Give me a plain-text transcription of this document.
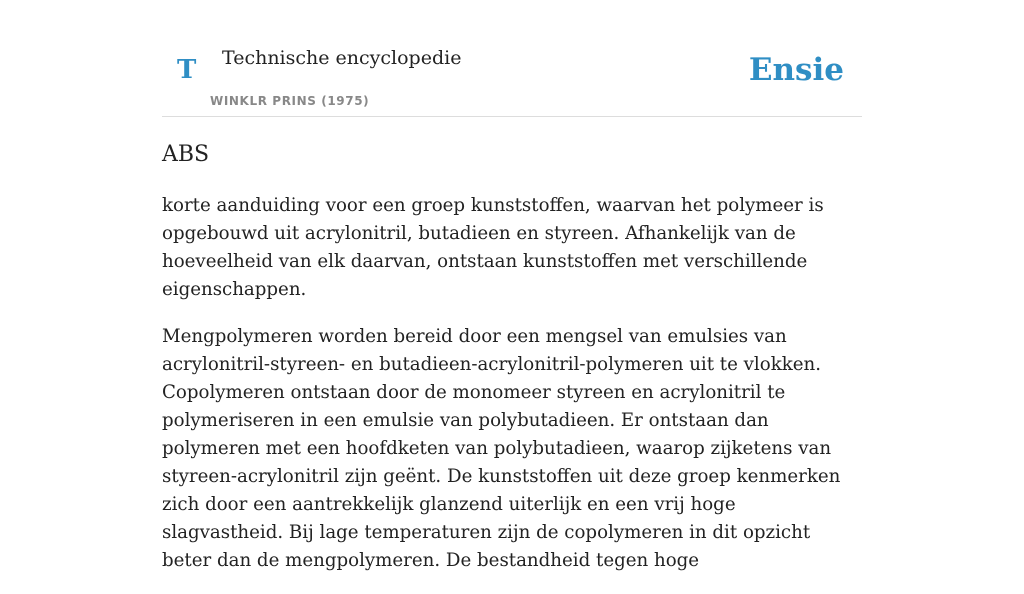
T Technische encyclopedie
WINKLR PRINS (1975)
Ensie
ABS

korte aanduiding voor een groep kunststoffen, waarvan het polymeer is opgebouwd uit acrylonitril, butadieen en styreen. Afhankelijk van de hoeveelheid van elk daarvan, ontstaan kunststoffen met verschillende eigenschappen.

Mengpolymeren worden bereid door een mengsel van emulsies van acrylonitril-styreen- en butadieen-acrylonitril-polymeren uit te vlokken. Copolymeren ontstaan door de monomeer styreen en acrylonitril te polymeriseren in een emulsie van polybutadieen. Er ontstaan dan polymeren met een hoofdketen van polybutadieen, waarop zijketens van styreen-acrylonitril zijn geënt. De kunststoffen uit deze groep kenmerken zich door een aantrekkelijk glanzend uiterlijk en een vrij hoge slagvastheid. Bij lage temperaturen zijn de copolymeren in dit opzicht beter dan de mengpolymeren. De bestandheid tegen hoge
